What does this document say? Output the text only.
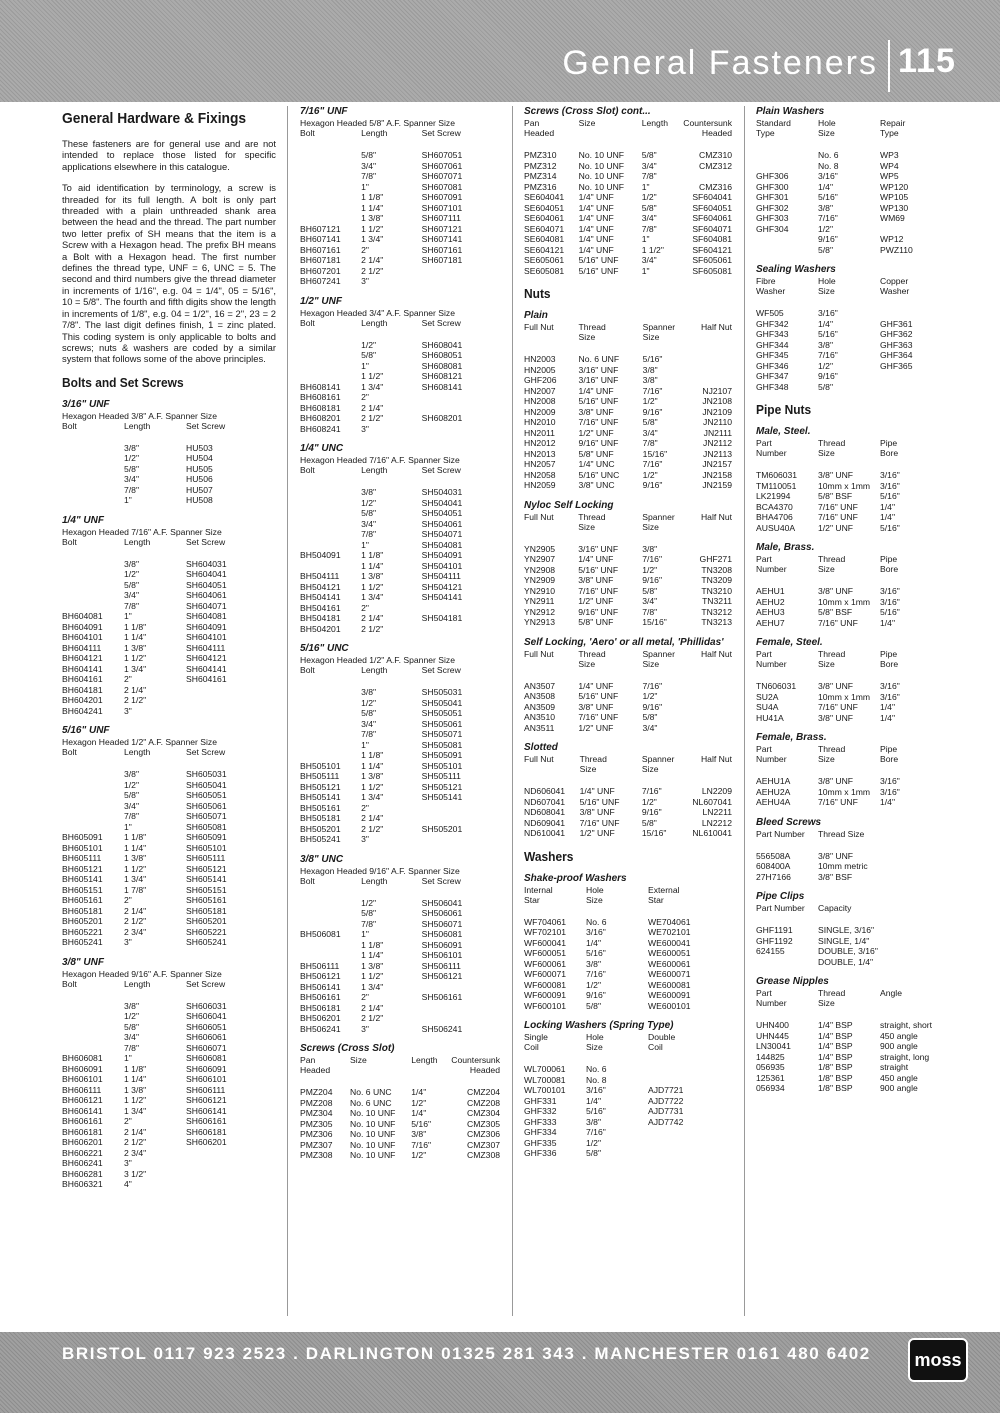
General Fasteners 115
General Hardware & Fixings

These fasteners are for general use and are not intended to replace those listed for specific applications elsewhere in this catalogue.

To aid identification by terminology, a screw is threaded for its full length. A bolt is only part threaded with a plain unthreaded shank area between the head and the thread. The part number two letter prefix of SH means that the item is a Screw with a Hexagon head. The prefix BH means a Bolt with a Hexagon head. The first number defines the thread type, UNF = 6, UNC = 5. The second and third numbers give the thread diameter in increments of 1/16", e.g. 04 = 1/4", 05 = 5/16", 10 = 5/8". The fourth and fifth digits show the length in increments of 1/8", e.g. 04 = 1/2", 16 = 2", 23 = 2 7/8". The last digit defines finish, 1 = zinc plated. This coding system is only applicable to bolts and screws; nuts & washers are coded by a similar system that follows some of the above principles.

Bolts and Set Screws
3/16" UNF
Hexagon Headed 3/8" A.F. Spanner Size
Bolt	Length	Set Screw

	3/8"	HU503
	1/2"	HU504
	5/8"	HU505
	3/4"	HU506
	7/8"	HU507
	1"	HU508
1/4" UNF
Hexagon Headed 7/16" A.F. Spanner Size
Bolt	Length	Set Screw

	3/8"	SH604031
	1/2"	SH604041
	5/8"	SH604051
	3/4"	SH604061
	7/8"	SH604071
BH604081	1"	SH604081
BH604091	1 1/8"	SH604091
BH604101	1 1/4"	SH604101
BH604111	1 3/8"	SH604111
BH604121	1 1/2"	SH604121
BH604141	1 3/4"	SH604141
BH604161	2"	SH604161
BH604181	2 1/4"	
BH604201	2 1/2"	
BH604241	3"	
5/16" UNF
Hexagon Headed 1/2" A.F. Spanner Size
Bolt	Length	Set Screw

	3/8"	SH605031
	1/2"	SH605041
	5/8"	SH605051
	3/4"	SH605061
	7/8"	SH605071
	1"	SH605081
BH605091	1 1/8"	SH605091
BH605101	1 1/4"	SH605101
BH605111	1 3/8"	SH605111
BH605121	1 1/2"	SH605121
BH605141	1 3/4"	SH605141
BH605151	1 7/8"	SH605151
BH605161	2"	SH605161
BH605181	2 1/4"	SH605181
BH605201	2 1/2"	SH605201
BH605221	2 3/4"	SH605221
BH605241	3"	SH605241
3/8" UNF
Hexagon Headed 9/16" A.F. Spanner Size
Bolt	Length	Set Screw

	3/8"	SH606031
	1/2"	SH606041
	5/8"	SH606051
	3/4"	SH606061
	7/8"	SH606071
BH606081	1"	SH606081
BH606091	1 1/8"	SH606091
BH606101	1 1/4"	SH606101
BH606111	1 3/8"	SH606111
BH606121	1 1/2"	SH606121
BH606141	1 3/4"	SH606141
BH606161	2"	SH606161
BH606181	2 1/4"	SH606181
BH606201	2 1/2"	SH606201
BH606221	2 3/4"	
BH606241	3"	
BH606281	3 1/2"	
BH606321	4"	
7/16" UNF
Hexagon Headed 5/8" A.F. Spanner Size
Bolt	Length	Set Screw

	5/8"	SH607051
	3/4"	SH607061
	7/8"	SH607071
	1"	SH607081
	1 1/8"	SH607091
	1 1/4"	SH607101
	1 3/8"	SH607111
BH607121	1 1/2"	SH607121
BH607141	1 3/4"	SH607141
BH607161	2"	SH607161
BH607181	2 1/4"	SH607181
BH607201	2 1/2"	
BH607241	3"	
1/2" UNF
Hexagon Headed 3/4" A.F. Spanner Size
Bolt	Length	Set Screw

	1/2"	SH608041
	5/8"	SH608051
	1"	SH608081
	1 1/2"	SH608121
BH608141	1 3/4"	SH608141
BH608161	2"	
BH608181	2 1/4"	
BH608201	2 1/2"	SH608201
BH608241	3"	
1/4" UNC
Hexagon Headed 7/16" A.F. Spanner Size
Bolt	Length	Set Screw

	3/8"	SH504031
	1/2"	SH504041
	5/8"	SH504051
	3/4"	SH504061
	7/8"	SH504071
	1"	SH504081
BH504091	1 1/8"	SH504091
	1 1/4"	SH504101
BH504111	1 3/8"	SH504111
BH504121	1 1/2"	SH504121
BH504141	1 3/4"	SH504141
BH504161	2"	
BH504181	2 1/4"	SH504181
BH504201	2 1/2"	
5/16" UNC
Hexagon Headed 1/2" A.F. Spanner Size
Bolt	Length	Set Screw

	3/8"	SH505031
	1/2"	SH505041
	5/8"	SH505051
	3/4"	SH505061
	7/8"	SH505071
	1"	SH505081
	1 1/8"	SH505091
BH505101	1 1/4"	SH505101
BH505111	1 3/8"	SH505111
BH505121	1 1/2"	SH505121
BH505141	1 3/4"	SH505141
BH505161	2"	
BH505181	2 1/4"	
BH505201	2 1/2"	SH505201
BH505241	3"	
3/8" UNC
Hexagon Headed 9/16" A.F. Spanner Size
Bolt	Length	Set Screw

	1/2"	SH506041
	5/8"	SH506061
	7/8"	SH506071
BH506081	1"	SH506081
	1 1/8"	SH506091
	1 1/4"	SH506101
BH506111	1 3/8"	SH506111
BH506121	1 1/2"	SH506121
BH506141	1 3/4"	
BH506161	2"	SH506161
BH506181	2 1/4"	
BH506201	2 1/2"	
BH506241	3"	SH506241
Screws (Cross Slot)
Pan	Size	Length	Countersunk
Headed			Headed

PMZ204	No. 6 UNC	1/4"	CMZ204
PMZ208	No. 6 UNC	1/2"	CMZ208

PMZ304	No. 10 UNF	1/4"	CMZ304
PMZ305	No. 10 UNF	5/16"	CMZ305
PMZ306	No. 10 UNF	3/8"	CMZ306
PMZ307	No. 10 UNF	7/16"	CMZ307
PMZ308	No. 10 UNF	1/2"	CMZ308
Screws (Cross Slot) cont...
Pan	Size	Length	Countersunk
Headed			Headed

PMZ310	No. 10 UNF	5/8"	CMZ310
PMZ312	No. 10 UNF	3/4"	CMZ312
PMZ314	No. 10 UNF	7/8"	
PMZ316	No. 10 UNF	1"	CMZ316
SE604041	1/4" UNF	1/2"	SF604041
SE604051	1/4" UNF	5/8"	SF604051
SE604061	1/4" UNF	3/4"	SF604061
SE604071	1/4" UNF	7/8"	SF604071
SE604081	1/4" UNF	1"	SF604081
SE604121	1/4" UNF	1 1/2"	SF604121
SE605061	5/16" UNF	3/4"	SF605061
SE605081	5/16" UNF	1"	SF605081
Nuts
Plain
Full Nut	Thread	Spanner	Half Nut
	Size	Size	

HN2003	No. 6 UNF	5/16"	
HN2005	3/16" UNF	3/8"	
GHF206	3/16" UNF	3/8"	
HN2007	1/4" UNF	7/16"	NJ2107
HN2008	5/16" UNF	1/2"	JN2108
HN2009	3/8" UNF	9/16"	JN2109
HN2010	7/16" UNF	5/8"	JN2110
HN2011	1/2" UNF	3/4"	JN2111
HN2012	9/16" UNF	7/8"	JN2112
HN2013	5/8" UNF	15/16"	JN2113
HN2057	1/4" UNC	7/16"	JN2157
HN2058	5/16" UNC	1/2"	JN2158
HN2059	3/8" UNC	9/16"	JN2159
Nyloc Self Locking
Full Nut	Thread	Spanner	Half Nut
	Size	Size	

YN2905	3/16" UNF	3/8"	
YN2907	1/4" UNF	7/16"	GHF271
YN2908	5/16" UNF	1/2"	TN3208
YN2909	3/8" UNF	9/16"	TN3209
YN2910	7/16" UNF	5/8"	TN3210
YN2911	1/2" UNF	3/4"	TN3211
YN2912	9/16" UNF	7/8"	TN3212
YN2913	5/8" UNF	15/16"	TN3213
Self Locking, 'Aero' or all metal, 'Phillidas'
Full Nut	Thread	Spanner	Half Nut
	Size	Size	

AN3507	1/4" UNF	7/16"	
AN3508	5/16" UNF	1/2"	
AN3509	3/8" UNF	9/16"	
AN3510	7/16" UNF	5/8"	
AN3511	1/2" UNF	3/4"	
Slotted
Full Nut	Thread	Spanner	Half Nut
	Size	Size	

ND606041	1/4" UNF	7/16"	LN2209
ND607041	5/16" UNF	1/2"	NL607041
ND608041	3/8" UNF	9/16"	LN2211
ND609041	7/16" UNF	5/8"	LN2212
ND610041	1/2" UNF	15/16"	NL610041
Washers
Shake-proof Washers
Internal	Hole	External
Star	Size	Star

WF704061	No. 6	WE704061
WF702101	3/16"	WE702101
WF600041	1/4"	WE600041
WF600051	5/16"	WE600051
WF600061	3/8"	WE600061
WF600071	7/16"	WE600071
WF600081	1/2"	WE600081
WF600091	9/16"	WE600091
WF600101	5/8"	WE600101
Locking Washers (Spring Type)
Single	Hole	Double
Coil	Size	Coil

WL700061	No. 6	
WL700081	No. 8	
WL700101	3/16"	AJD7721
GHF331	1/4"	AJD7722
GHF332	5/16"	AJD7731
GHF333	3/8"	AJD7742
GHF334	7/16"	
GHF335	1/2"	
GHF336	5/8"	
Plain Washers
Standard	Hole	Repair
Type	Size	Type

	No. 6	WP3
	No. 8	WP4
GHF306	3/16"	WP5
GHF300	1/4"	WP120
GHF301	5/16"	WP105
GHF302	3/8"	WP130
GHF303	7/16"	WM69
GHF304	1/2"	
	9/16"	WP12
	5/8"	PWZ110
Sealing Washers
Fibre	Hole	Copper
Washer	Size	Washer

WF505	3/16"	
GHF342	1/4"	GHF361
GHF343	5/16"	GHF362
GHF344	3/8"	GHF363
GHF345	7/16"	GHF364
GHF346	1/2"	GHF365
GHF347	9/16"	
GHF348	5/8"	
Pipe Nuts
Male, Steel.
Part	Thread	Pipe
Number	Size	Bore

TM606031	3/8" UNF	3/16"
TM110051	10mm x 1mm	3/16"
LK21994	5/8" BSF	5/16"
BCA4370	7/16" UNF	1/4"
BHA4706	7/16" UNF	1/4"
AUSU40A	1/2" UNF	5/16"
Male, Brass.
Part	Thread	Pipe
Number	Size	Bore

AEHU1	3/8" UNF	3/16"
AEHU2	10mm x 1mm	3/16"
AEHU3	5/8" BSF	5/16"
AEHU7	7/16" UNF	1/4"
Female, Steel.
Part	Thread	Pipe
Number	Size	Bore

TN606031	3/8" UNF	3/16"
SU2A	10mm x 1mm	3/16"
SU4A	7/16" UNF	1/4"
HU41A	3/8" UNF	1/4"
Female, Brass.
Part	Thread	Pipe
Number	Size	Bore

AEHU1A	3/8" UNF	3/16"
AEHU2A	10mm x 1mm	3/16"
AEHU4A	7/16" UNF	1/4"
Bleed Screws
Part Number	Thread Size

556508A	3/8" UNF
608400A	10mm metric
27H7166	3/8" BSF
Pipe Clips
Part Number	Capacity

GHF1191	SINGLE, 3/16"
GHF1192	SINGLE, 1/4"
624155	DOUBLE, 3/16"
	DOUBLE, 1/4"
Grease Nipples
Part	Thread	Angle
Number	Size	

UHN400	1/4" BSP	straight, short
UHN445	1/4" BSP	450 angle
LN30041	1/4" BSP	900 angle
144825	1/4" BSP	straight, long
056935	1/8" BSP	straight
125361	1/8" BSP	450 angle
056934	1/8" BSP	900 angle
BRISTOL 0117 923 2523 . DARLINGTON 01325 281 343 . MANCHESTER 0161 480 6402	moss
